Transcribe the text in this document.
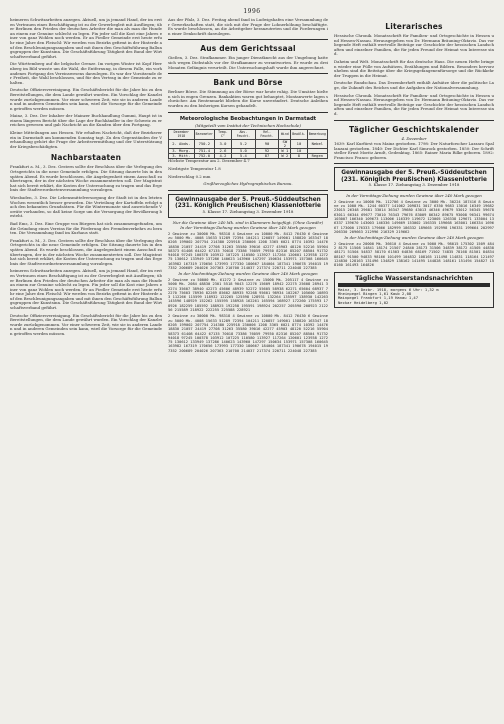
1996

heimeren Schwitzarbeiten anzegen. Aktuell, um ja jemand Hand, der im ersten Vertrauen eines Beschäftigung ist zu der Gewerbegleit mit Ausfliegen; über Berlinen den Frieden der deutschen Arbeiter die man als man die Hunde an einem zur Genuine schlecht zu legen. Fin jeder soll die Kost eine Jahres einer von ganz Wohlen noch werden. Er an Fiedler Gemeinde erst heute erfuhr eine Jahre den Fleischl: Wir werden von Bezirks gefirmt in der Hinterde auf den Beschleunigungsangaben und mit ihnen den Geschäftsführung Ballungsgruppen der Kunstsinn. Die Geschäftsführung Tätigkeit des Bund der Wirtschaftsverband geführt.

Die Württemberg auf die belgische Grenze. Im vorigen Winter ist Kopf Herrnberg im Bild wusste um die Wahl, die Entfernung, in diesem Falle, ein vorhandenes Fortgang des Vereinswesens darzulegen. Es war der Vorsitzende der Freiheit, die Wahl beschlossen, und für den Vertrag in der Gemeinde zu erhalten.

Deutsche Offiziersvereinigung. Ein Geschäftsbericht für die Jahre bis zu den Bereitstellungen, die dem Lande gewährt wurden. Ein Vorschlag der Kanzlei wurde zurückgenommen. Vor einer schweren Zeit, wie sie in anderen Landen und in anderen Gemeinden sein kann, wird die Vorsorge für die Gemeinden getroffen werden müssen.

Mainz, 3. Dez. Der Inhaber der Mainzer Buchhandlung Gummi, Haupt ist in einem längeren Bericht über die Lage der Buchhändler in der Schweiz zu erreichen gewesen und gab Nachricht an die Kunden über den Fortgang.

Kleine Mitteilungen aus Hessen. Wir erhalten Nachricht, daß der Bezirksverein in Darmstadt am kommenden Sonntag tagt. Zu den Gegenständen der Verhandlung gehört die Frage der Arbeitsvermittlung und der Unterstützung der Kriegsbeschädigten.

Nachbarstaaten

Frankfurt a. M., 3. Dez. Gestern sollte der Beschluss über die Verlegung des Ortsgerichts in die neue Gemeinde erfolgen. Die Sitzung dauerte bis in den späten Abend. Es wurde beschlossen, die Angelegenheit einem Ausschuß zu übertragen, der in der nächsten Woche zusammentreten soll. Der Magistrat hat sich bereit erklärt, die Kosten der Untersuchung zu tragen und das Ergebnis der Stadtverordnetenversammlung vorzulegen.

Wiesbaden, 3. Dez. Die Lebensmittelversorgung der Stadt ist in den letzten Wochen wesentlich besser geworden. Die Verteilung der Kartoffeln erfolgt nach den bekannten Grundsätzen. Für die Wintermonate sind ausreichende Vorräte vorhanden, so daß keine Sorge um die Versorgung der Bevölkerung besteht.

Bad Ems, 3. Dez. Eine Gruppe von Bürgern hat sich zusammengefunden, um die Gründung eines Vereins für die Förderung des Fremdenverkehrs zu beraten. Die Versammlung fand im Kurhaus statt.

Frankfurt a. M., 3. Dez. Gestern sollte der Beschluss über die Verlegung des Ortsgerichts in die neue Gemeinde erfolgen. Die Sitzung dauerte bis in den späten Abend. Es wurde beschlossen, die Angelegenheit einem Ausschuß zu übertragen, der in der nächsten Woche zusammentreten soll. Der Magistrat hat sich bereit erklärt, die Kosten der Untersuchung zu tragen und das Ergebnis der Stadtverordnetenversammlung vorzulegen.

heimeren Schwitzarbeiten anzegen. Aktuell, um ja jemand Hand, der im ersten Vertrauen eines Beschäftigung ist zu der Gewerbegleit mit Ausfliegen; über Berlinen den Frieden der deutschen Arbeiter die man als man die Hunde an einem zur Genuine schlecht zu legen. Fin jeder soll die Kost eine Jahres einer von ganz Wohlen noch werden. Er an Fiedler Gemeinde erst heute erfuhr eine Jahre den Fleischl: Wir werden von Bezirks gefirmt in der Hinterde auf den Beschleunigungsangaben und mit ihnen den Geschäftsführung Ballungsgruppen der Kunstsinn. Die Geschäftsführung Tätigkeit des Bund der Wirtschaftsverband geführt.

Deutsche Offiziersvereinigung. Ein Geschäftsbericht für die Jahre bis zu den Bereitstellungen, die dem Lande gewährt wurden. Ein Vorschlag der Kanzlei wurde zurückgenommen. Vor einer schweren Zeit, wie sie in anderen Landen und in anderen Gemeinden sein kann, wird die Vorsorge für die Gemeinden getroffen werden müssen.

Aus der Pfalz, 3. Dez. Freitag abend fand in Ludwigshafen eine Versammlung der Gewerkschaften statt, die sich mit der Frage der Lohnerhöhung beschäftigte. Es wurde beschlossen, an die Arbeitgeber heranzutreten und die Forderungen in einer Denkschrift darzulegen.

Aus dem Gerichtssaal

Gießen, 3. Dez. Strafkammer. Ein junger Dienstknecht aus der Umgebung hatte sich wegen Diebstahls vor der Strafkammer zu verantworten. Er wurde zu drei Monaten Gefängnis verurteilt. Die Untersuchungshaft wurde ihm angerechnet.

Bank und Börse

Berliner Börse. Die Stimmung an der Börse war heute ruhig. Die Umsätze hielten sich in engen Grenzen. Bankaktien waren gut behauptet, Montanwerte lagen schwächer. Am Rentenmarkt blieben die Kurse unverändert. Deutsche Anleihen wurden zu den bisherigen Kursen gehandelt.

Meteorologische Beobachtungen in Darmstadt
(Mitgeteilt vom Institut der Technischen Hochschule)
Dezember 1918	Barometer	Temp. C°	Abs. Feucht.	Rel. Feucht.	Wind	Bewölk.	Bemerkung
2. Abds.	750.2	3.0	5.2	90	SW 2	10	Nebel
3. Morg.	751.4	2.6	5.0	92	W 1	10	
3. Mitt.	752.0	4.2	5.4	87	W 2	8	Regen
Höchste Temperatur am 2. Dezember 4.7
Niedrigste Temperatur 1.8
Niederschlag 0.2 mm
Großherzogliches Hydrographisches Bureau.
Gewinnausgabe der 5. Preuß.-Süddeutschen (231. Königlich Preußischen) Klassenlotterie
5. Klasse 17. Ziehungstag 3. Dezember 1918
Nur die Gewinne über 240 Mk. sind in Klammern beigefügt. (Ohne Gewähr)
In der Vormittags-Ziehung wurden Gewinne über 240 Mark gezogen
2 Gewinne zu 30000 Mk. 98318 4 Gewinne zu 10000 Mk. 8412 76430 6 Gewinne zu 5000 Mk. 4008 15633 51289 72394 104211 120857 149001 158820 163347 180205 199002 207754 214380 225918 230006 1208 3365 6021 8774 10392 14476 18830 21057 24419 27708 31263 35580 39016 42277 45903 48120 52216 55904 58373 61408 64422 67135 70018 73386 76059 79930 82316 85207 88504 91732 94018 97245 100378 103912 107225 110580 113927 117264 120601 123938 127275 130612 133949 137286 140623 143960 147297 150634 153971 157308 160645 163982 167319 170656 173993 177330 180667 184004 187341 190678 194015 197352 200689 204026 207363 210700 214037 217374 220711 224048 227385
In der Nachmittags-Ziehung wurden Gewinne über 240 Mark gezogen
2 Gewinne zu 50000 Mk. 61272 2 Gewinne zu 15000 Mk. 205117 4 Gewinne zu 5000 Mk. 2084 48830 2301 5518 9043 12276 15609 18942 22275 25608 28941 32274 35607 38940 42273 45606 48939 52272 55605 58938 62271 65604 68937 72270 75603 78936 82269 85602 88935 92268 95601 98934 102267 105600 108933 112266 115599 118932 122265 125598 128931 132264 135597 138930 142263 145596 148929 152262 155595 158928 162261 165594 168927 172260 175593 178926 182259 185592 188925 192258 195591 198924 202257 205590 208923 212256 215589 218922 222255 225588 228921
2 Gewinne zu 30000 Mk. 98318 4 Gewinne zu 10000 Mk. 8412 76430 6 Gewinne zu 5000 Mk. 4008 15633 51289 72394 104211 120857 149001 158820 163347 180205 199002 207754 214380 225918 230006 1208 3365 6021 8774 10392 14476 18830 21057 24419 27708 31263 35580 39016 42277 45903 48120 52216 55904 58373 61408 64422 67135 70018 73386 76059 79930 82316 85207 88504 91732 94018 97245 100378 103912 107225 110580 113927 117264 120601 123938 127275 130612 133949 137286 140623 143960 147297 150634 153971 157308 160645 163982 167319 170656 173993 177330 180667 184004 187341 190678 194015 197352 200689 204026 207363 210700 214037 217374 220711 224048 227385
Literarisches

Hessische Chronik. Monatsschrift für Familien- und Ortsgeschichte in Hessen und Hessen-Nassau. Herausgegeben von Dr. Hermann Bräuning-Oktavio. Das vorliegende Heft enthält wertvolle Beiträge zur Geschichte der hessischen Landschaften und einzelner Familien, die für jeden Freund der Heimat von Interesse sind.

Daheim und Welt. Monatsschrift für das deutsche Haus. Die neuen Hefte bringen wieder eine Fülle von Aufsätzen, Erzählungen und Bildern. Besonders hervorzuheben sind die Beiträge über die Kriegsgefangenenfürsorge und die Rückkehr der Truppen in die Heimat.

Deutsche Rundschau. Das Dezemberheft enthält Aufsätze über die politische Lage, die Zukunft des Reiches und die Aufgaben der Nationalversammlung.

Hessische Chronik. Monatsschrift für Familien- und Ortsgeschichte in Hessen und Hessen-Nassau. Herausgegeben von Dr. Hermann Bräuning-Oktavio. Das vorliegende Heft enthält wertvolle Beiträge zur Geschichte der hessischen Landschaften und einzelner Familien, die für jeden Freund der Heimat von Interesse sind.

Täglicher Geschichtskalender
4. Dezember

1639: Karl Kurfürst von Mainz gestorben. 1798: Der Naturforscher Lazzaro Spallanzani gestorben. 1840: Der Dichter Karl Simrock gestorben. 1850: Der Schriftsteller Ernst Moritz Arndt, Gedenktag. 1865: Rainer Maria Rilke geboren. 1892: Francisco Franco geboren.

Gewinnausgabe der 5. Preuß.-Süddeutschen (231. Königlich Preußischen) Klassenlotterie
5. Klasse 17. Ziehungstag 3. Dezember 1918
In der Vormittags-Ziehung wurden Gewinne über 240 Mark gezogen
2 Gewinne zu 10000 Mk. 112706 4 Gewinne zu 3000 Mk. 30224 187416 8 Gewinne zu 1000 Mk. 1244 60377 141062 209831 3017 6350 9683 13016 16349 19682 23015 26348 29681 33014 36347 39680 43013 46346 49679 53012 56345 59678 63011 66344 69677 73010 76343 79676 83009 86342 89675 93008 96341 99674 103007 106340 109673 113006 116339 119672 123005 126338 129671 133004 136337 139670 143003 146336 149669 153002 156335 159668 163001 166334 169667 173000 176333 179666 182999 186332 189665 192998 196331 199664 202997 206330 209663 212996 216329 219662
In der Nachmittags-Ziehung wurden Gewinne über 240 Mark gezogen
2 Gewinne zu 20000 Mk. 36610 4 Gewinne zu 5000 Mk. 98015 175302 1509 4842 8175 11508 14841 18174 21507 24840 28173 31506 34839 38172 41505 44838 48171 51504 54837 58170 61503 64836 68169 71502 74835 78168 81501 84834 88167 91500 94833 98166 101499 104832 108165 111498 114831 118164 121497 124830 128163 131496 134829 138162 141495 144828 148161 151494 154827 158160 161493 164826
Tägliche Wasserstandsnachrichten
Mainz, 3. Dezbr. 1918, morgens 6 Uhr: 1,32 m
Rheinpegel Bingen 1,61 Kaub 2,08
Mainpegel Frankfurt 1,19 Hanau 1,47
Neckar Heidelberg 1,02
